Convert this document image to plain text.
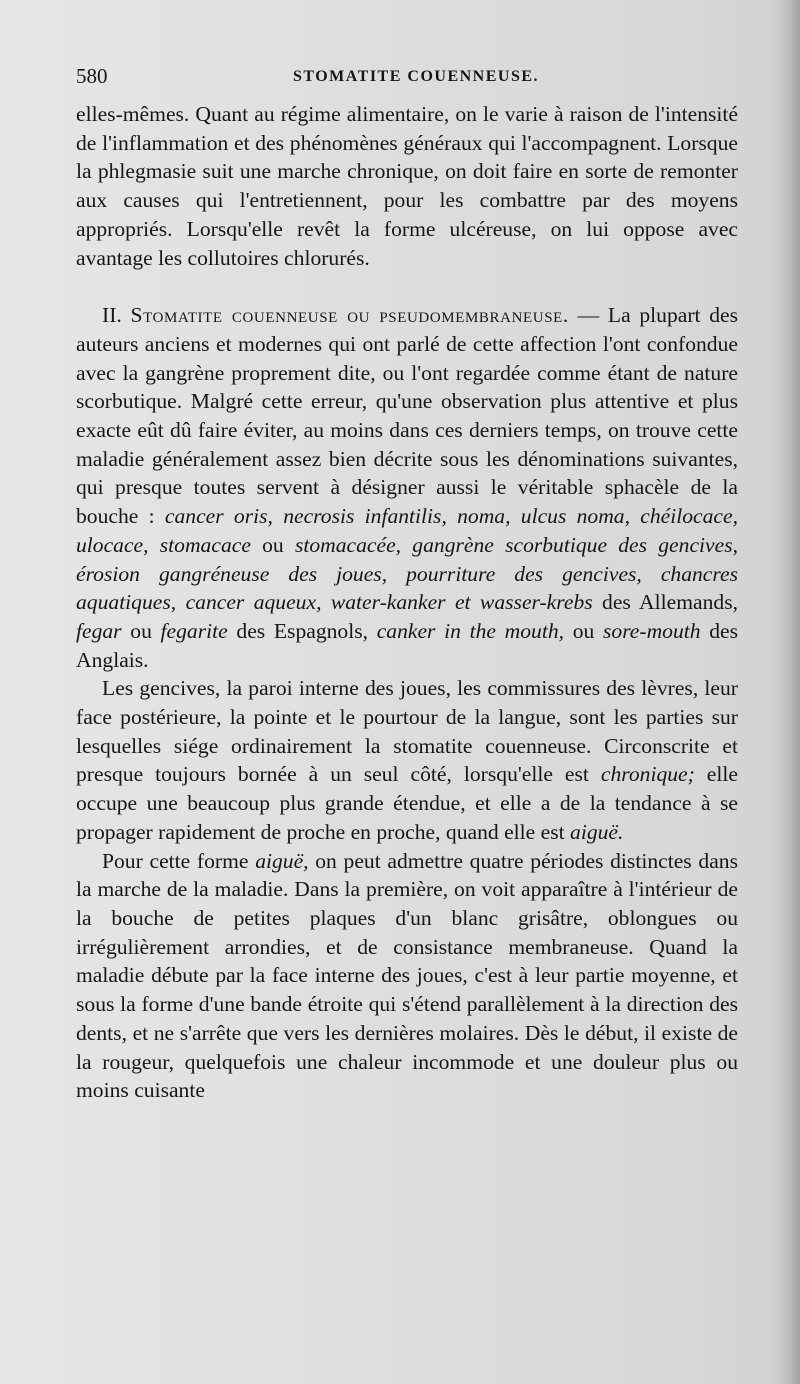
580	STOMATITE COUENNEUSE.

elles-mêmes. Quant au régime alimentaire, on le varie à raison de l'intensité de l'inflammation et des phénomènes généraux qui l'accompagnent. Lorsque la phlegmasie suit une marche chronique, on doit faire en sorte de remonter aux causes qui l'entretiennent, pour les combattre par des moyens appropriés. Lorsqu'elle revêt la forme ulcéreuse, on lui oppose avec avantage les collutoires chlorurés.

II. Stomatite couenneuse ou pseudomembraneuse. — La plupart des auteurs anciens et modernes qui ont parlé de cette affection l'ont confondue avec la gangrène proprement dite, ou l'ont regardée comme étant de nature scorbutique. Malgré cette erreur, qu'une observation plus attentive et plus exacte eût dû faire éviter, au moins dans ces derniers temps, on trouve cette maladie généralement assez bien décrite sous les dénominations suivantes, qui presque toutes servent à désigner aussi le véritable sphacèle de la bouche : cancer oris, necrosis infantilis, noma, ulcus noma, chéilocace, ulocace, stomacace ou stomacacée, gangrène scorbutique des gencives, érosion gangréneuse des joues, pourriture des gencives, chancres aquatiques, cancer aqueux, water-kanker et wasser-krebs des Allemands, fegar ou fegarite des Espagnols, canker in the mouth, ou sore-mouth des Anglais.

Les gencives, la paroi interne des joues, les commissures des lèvres, leur face postérieure, la pointe et le pourtour de la langue, sont les parties sur lesquelles siége ordinairement la stomatite couenneuse. Circonscrite et presque toujours bornée à un seul côté, lorsqu'elle est chronique; elle occupe une beaucoup plus grande étendue, et elle a de la tendance à se propager rapidement de proche en proche, quand elle est aiguë.

Pour cette forme aiguë, on peut admettre quatre périodes distinctes dans la marche de la maladie. Dans la première, on voit apparaître à l'intérieur de la bouche de petites plaques d'un blanc grisâtre, oblongues ou irrégulièrement arrondies, et de consistance membraneuse. Quand la maladie débute par la face interne des joues, c'est à leur partie moyenne, et sous la forme d'une bande étroite qui s'étend parallèlement à la direction des dents, et ne s'arrête que vers les dernières molaires. Dès le début, il existe de la rougeur, quelquefois une chaleur incommode et une douleur plus ou moins cuisante
